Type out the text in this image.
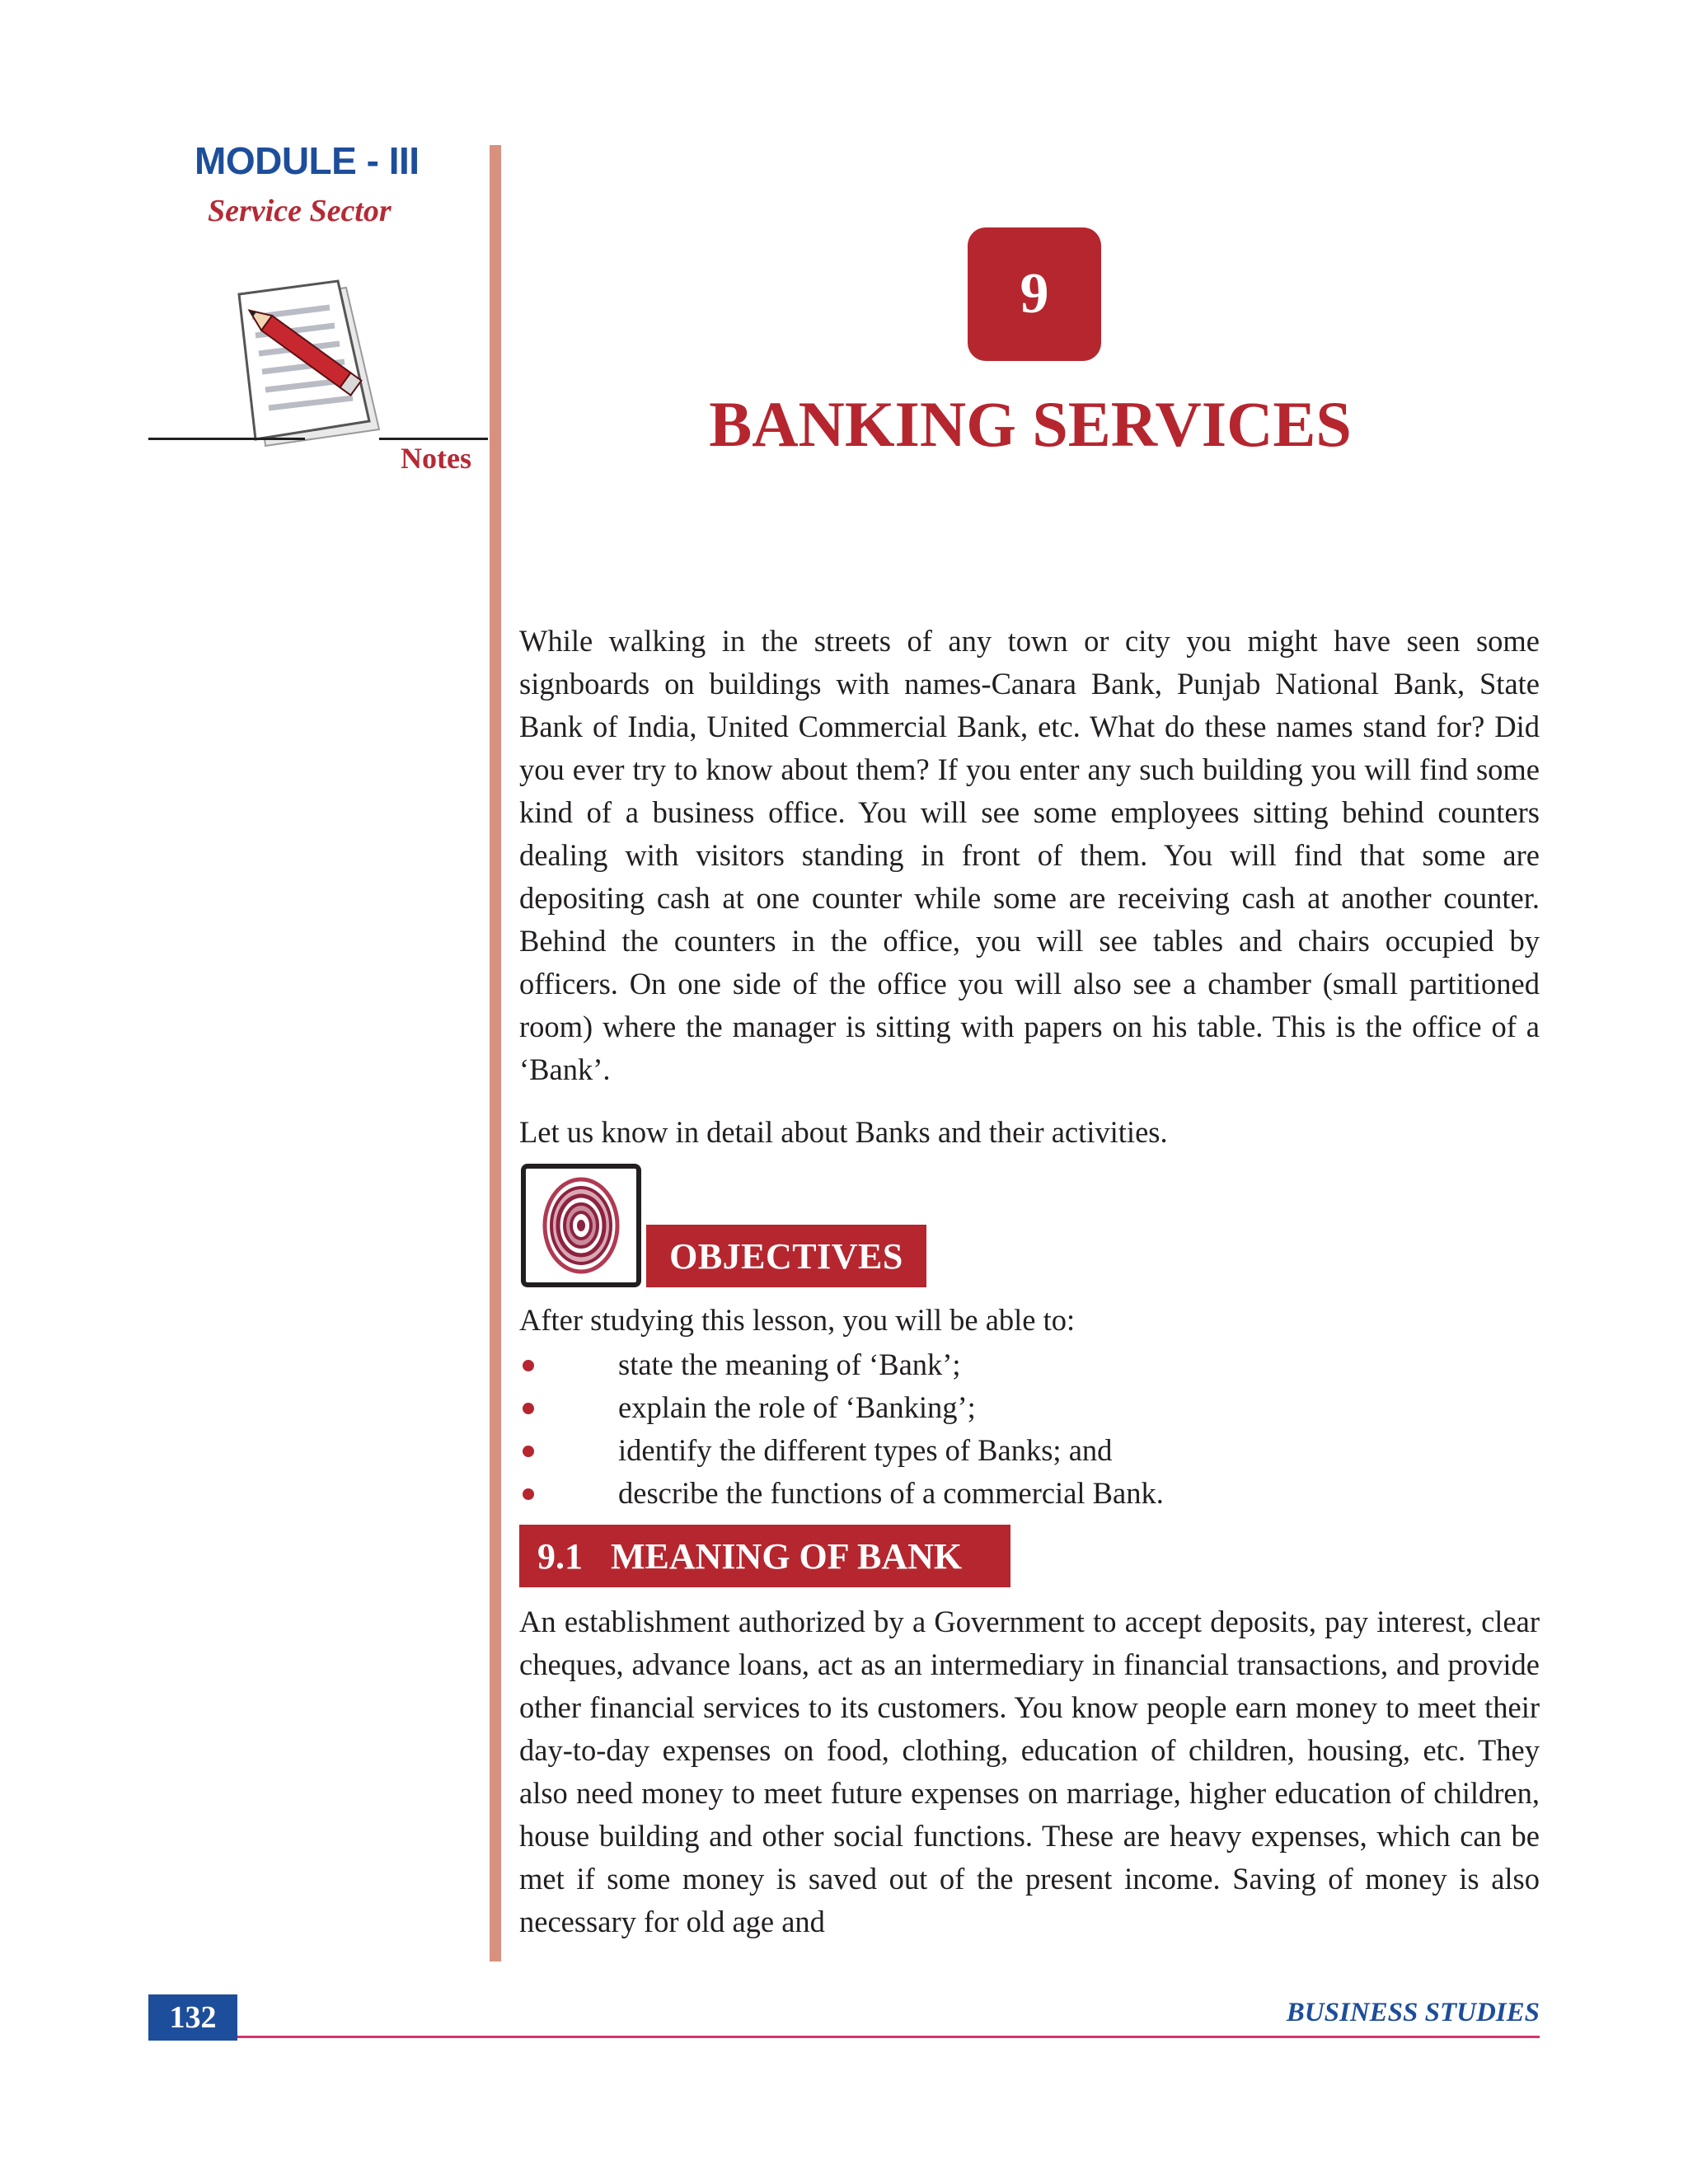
MODULE - III
Service Sector
Notes
9
BANKING SERVICES
While walking in the streets of any town or city you might have seen some signboards on buildings with names-Canara Bank, Punjab National Bank, State Bank of India, United Commercial Bank, etc. What do these names stand for? Did you ever try to know about them? If you enter any such building you will find some kind of a business office. You will see some employees sitting behind counters dealing with visitors standing in front of them. You will find that some are depositing cash at one counter while some are receiving cash at another counter. Behind the counters in the office, you will see tables and chairs occupied by officers. On one side of the office you will also see a chamber (small partitioned room) where the manager is sitting with papers on his table. This is the office of a ‘Bank’.
Let us know in detail about Banks and their activities.
OBJECTIVES
After studying this lesson, you will be able to:
state the meaning of ‘Bank’;
explain the role of ‘Banking’;
identify the different types of Banks; and
describe the functions of a commercial Bank.
9.1 MEANING OF BANK
An establishment authorized by a Government to accept deposits, pay interest, clear cheques, advance loans, act as an intermediary in financial transactions, and provide other financial services to its customers. You know people earn money to meet their day-to-day expenses on food, clothing, education of children, housing, etc. They also need money to meet future expenses on marriage, higher education of children, house building and other social functions. These are heavy expenses, which can be met if some money is saved out of the present income. Saving of money is also necessary for old age and
132	BUSINESS STUDIES
